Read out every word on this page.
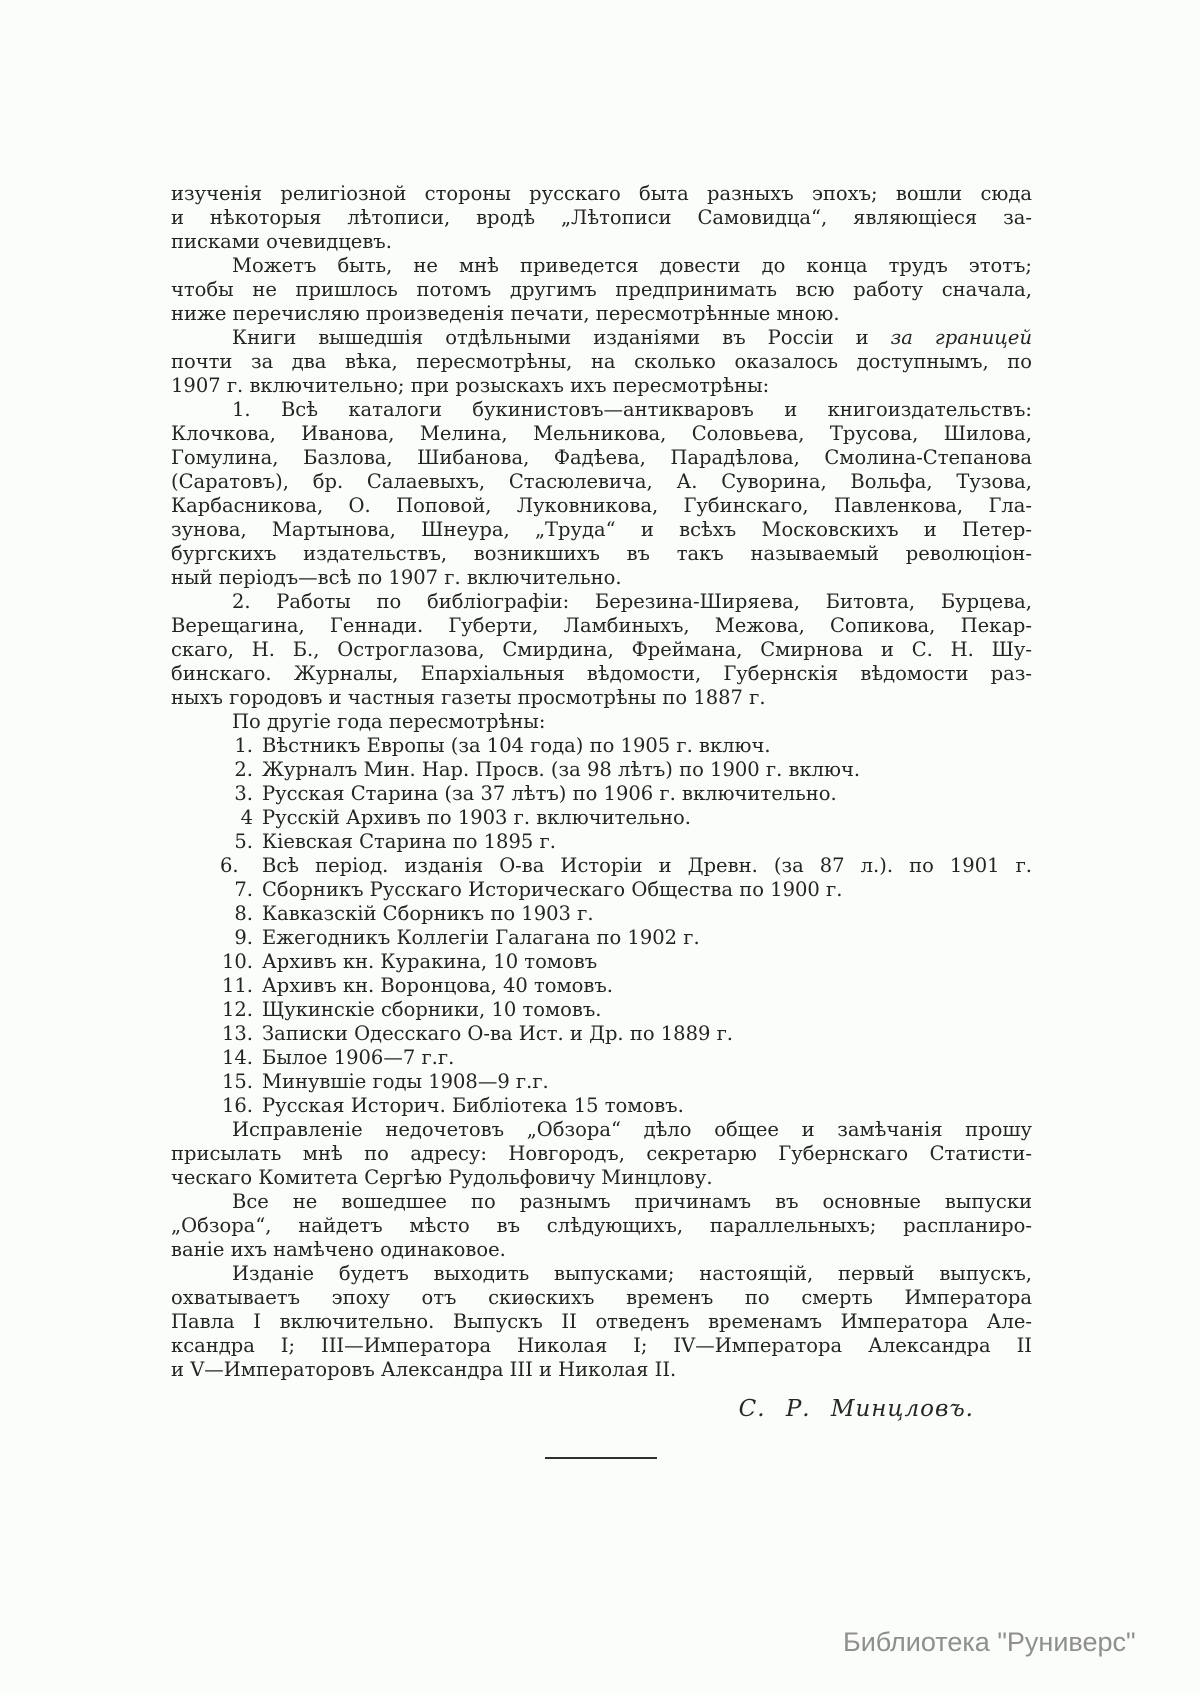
изученія религіозной стороны русскаго быта разныхъ эпохъ; вошли сюда
и нѣкоторыя лѣтописи, вродѣ „Лѣтописи Самовидца“, являющіеся за-
писками очевидцевъ.
Можетъ быть, не мнѣ приведется довести до конца трудъ этотъ;
чтобы не пришлось потомъ другимъ предпринимать всю работу сначала,
ниже перечисляю произведенія печати, пересмотрѣнные мною.
Книги вышедшія отдѣльными изданіями въ Россіи и за границей
почти за два вѣка, пересмотрѣны, на сколько оказалось доступнымъ, по
1907 г. включительно; при розыскахъ ихъ пересмотрѣны:
1. Всѣ каталоги букинистовъ—антикваровъ и книгоиздательствъ:
Клочкова, Иванова, Мелина, Мельникова, Соловьева, Трусова, Шилова,
Гомулина, Базлова, Шибанова, Фадѣева, Парадѣлова, Смолина-Степанова
(Саратовъ), бр. Салаевыхъ, Стасюлевича, А. Суворина, Вольфа, Тузова,
Карбасникова, О. Поповой, Луковникова, Губинскаго, Павленкова, Гла-
зунова, Мартынова, Шнеура, „Труда“ и всѣхъ Московскихъ и Петер-
бургскихъ издательствъ, возникшихъ въ такъ называемый революціон-
ный періодъ—всѣ по 1907 г. включительно.
2. Работы по библіографіи: Березина-Ширяева, Битовта, Бурцева,
Верещагина, Геннади. Губерти, Ламбиныхъ, Межова, Сопикова, Пекар-
скаго, Н. Б., Остроглазова, Смирдина, Фреймана, Смирнова и С. Н. Шу-
бинскаго. Журналы, Епархіальныя вѣдомости, Губернскія вѣдомости раз-
ныхъ городовъ и частныя газеты просмотрѣны по 1887 г.
По другіе года пересмотрѣны:
1. Вѣстникъ Европы (за 104 года) по 1905 г. включ.
2. Журналъ Мин. Нар. Просв. (за 98 лѣтъ) по 1900 г. включ.
3. Русская Старина (за 37 лѣтъ) по 1906 г. включительно.
4 Русскій Архивъ по 1903 г. включительно.
5. Кіевская Старина по 1895 г.
6. Всѣ період. изданія О-ва Исторіи и Древн. (за 87 л.). по 1901 г.
7. Сборникъ Русскаго Историческаго Общества по 1900 г.
8. Кавказскій Сборникъ по 1903 г.
9. Ежегодникъ Коллегіи Галагана по 1902 г.
10. Архивъ кн. Куракина, 10 томовъ
11. Архивъ кн. Воронцова, 40 томовъ.
12. Щукинскіе сборники, 10 томовъ.
13. Записки Одесскаго О-ва Ист. и Др. по 1889 г.
14. Былое 1906—7 г.г.
15. Минувшіе годы 1908—9 г.г.
16. Русская Историч. Библіотека 15 томовъ.
Исправленіе недочетовъ „Обзора“ дѣло общее и замѣчанія прошу
присылать мнѣ по адресу: Новгородъ, секретарю Губернскаго Статисти-
ческаго Комитета Сергѣю Рудольфовичу Минцлову.
Все не вошедшее по разнымъ причинамъ въ основные выпуски
„Обзора“, найдетъ мѣсто въ слѣдующихъ, параллельныхъ; распланиро-
ваніе ихъ намѣчено одинаковое.
Изданіе будетъ выходить выпусками; настоящій, первый выпускъ,
охватываетъ эпоху отъ скиѳскихъ временъ по смерть Императора
Павла I включительно. Выпускъ II отведенъ временамъ Императора Але-
ксандра I; III—Императора Николая I; IV—Императора Александра II
и V—Императоровъ Александра III и Николая II.
С. Р. Минцловъ.
Библиотека "Руниверс"
